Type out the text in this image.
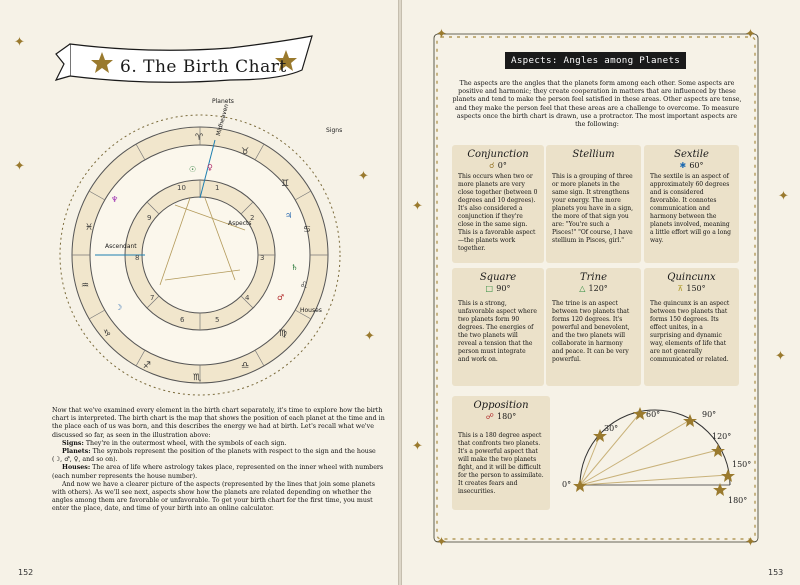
✦
✦
✦
✦
6. The Birth Chart
♈
♉
♊
♋
♌
♍
♎
♏
♐
♑
♒
♓
☉ ♀
♃
♄
♂
☽
♆
1
2
3
4
5
6
7
8
9
10
Planets
Signs
Midheaven
Aspects
Ascendant
Houses

Now that we've examined every element in the birth chart separately, it's time to explore how the birth chart is interpreted. The birth chart is the map that shows the position of each planet at the time and in the place each of us was born, and this describes the energy we had at birth. Let's recall what we've discussed so far, as seen in the illustration above:

Signs: They're in the outermost wheel, with the symbols of each sign.

Planets: The symbols represent the position of the planets with respect to the sign and the house (☽, ♂, ♀, and so on).

Houses: The area of life where astrology takes place, represented on the inner wheel with numbers (each number represents the house number).

And now we have a clearer picture of the aspects (represented by the lines that join some planets with others). As we'll see next, aspects show how the planets are related depending on whether the angles among them are favorable or unfavorable. To get your birth chart for the first time, you must enter the place, date, and time of your birth into an online calculator.

152
✦	✦
✦
✦
✦
✦
✦	✦
Aspects: Angles among Planets
The aspects are the angles that the planets form among each other. Some aspects are positive and harmonic; they create cooperation in matters that are influenced by these planets and tend to make the person feel satisfied in these areas. Other aspects are tense, and they make the person feel that these areas are a challenge to overcome. To measure aspects once the birth chart is drawn, use a protractor. The most important aspects are the following:
Conjunction
☌ 0°
This occurs when two or more planets are very close together (between 0 degrees and 10 degrees). It's also considered a conjunction if they're close in the same sign. This is a favorable aspect—the planets work together.
Stellium
This is a grouping of three or more planets in the same sign. It strengthens your energy. The more planets you have in a sign, the more of that sign you are: "You're such a Pisces!" "Of course, I have stellium in Pisces, girl."
Sextile
✱ 60°
The sextile is an aspect of approximately 60 degrees and is considered favorable. It connotes communication and harmony between the planets involved, meaning a little effort will go a long way.
Square
□ 90°
This is a strong, unfavorable aspect where two planets form 90 degrees. The energies of the two planets will reveal a tension that the person must integrate and work on.
Trine
△ 120°
The trine is an aspect between two planets that forms 120 degrees. It's powerful and benevolent, and the two planets will collaborate in harmony and peace. It can be very powerful.
Quincunx
⊼ 150°
The quincunx is an aspect between two planets that forms 150 degrees. Its effect unites, in a surprising and dynamic way, elements of life that are not generally communicated or related.
Opposition
☍ 180°
This is a 180 degree aspect that confronts two planets. It's a powerful aspect that will make the two planets fight, and it will be difficult for the person to assimilate. It creates fears and insecurities.
0°
30°
60°	90°
120°
150°
180°
153
